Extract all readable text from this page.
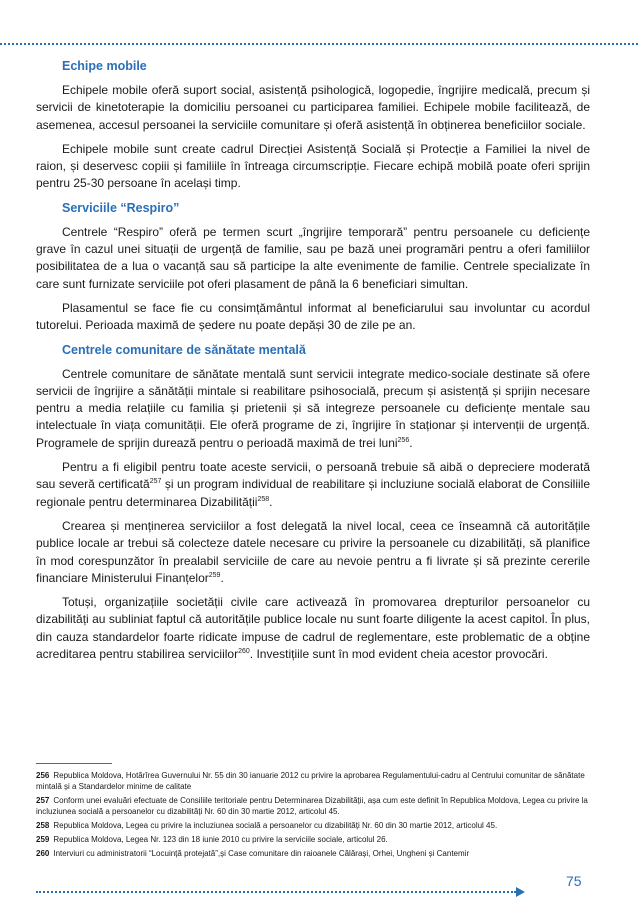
Echipe mobile

Echipele mobile oferă suport social, asistență psihologică, logopedie, îngrijire medicală, precum și servicii de kinetoterapie la domiciliu persoanei cu participarea familiei. Echipele mobile facilitează, de asemenea, accesul persoanei la serviciile comunitare și oferă asistență în obținerea beneficiilor sociale.

Echipele mobile sunt create cadrul Direcției Asistență Socială și Protecție a Familiei la nivel de raion, și deservesc copiii și familiile în întreaga circumscripție. Fiecare echipă mobilă poate oferi sprijin pentru 25-30 persoane în același timp.

Serviciile “Respiro”

Centrele “Respiro” oferă pe termen scurt „îngrijire temporară” pentru persoanele cu deficiențe grave în cazul unei situații de urgență de familie, sau pe bază unei programări pentru a oferi familiilor posibilitatea de a lua o vacanță sau să participe la alte evenimente de familie. Centrele specializate în care sunt furnizate serviciile pot oferi plasament de până la 6 beneficiari simultan.

Plasamentul se face fie cu consimțământul informat al beneficiarului sau involuntar cu acordul tutorelui. Perioada maximă de ședere nu poate depăși 30 de zile pe an.

Centrele comunitare de sănătate mentală

Centrele comunitare de sănătate mentală sunt servicii integrate medico-sociale destinate să ofere servicii de îngrijire a sănătății mintale si reabilitare psihosocială, precum și asistență și sprijin necesare pentru a media relațiile cu familia și prietenii și să integreze persoanele cu deficiențe mentale sau intelectuale în viața comunității. Ele oferă programe de zi, îngrijire în staționar și intervenții de urgență. Programele de sprijin durează pentru o perioadă maximă de trei luni$^{256}$.

Pentru a fi eligibil pentru toate aceste servicii, o persoană trebuie să aibă o depreciere moderată sau severă certificată$^{257}$ și un program individual de reabilitare și incluziune socială elaborat de Consiliile regionale pentru determinarea Dizabilității$^{258}$.

Crearea și menținerea serviciilor a fost delegată la nivel local, ceea ce înseamnă că autoritățile publice locale ar trebui să colecteze datele necesare cu privire la persoanele cu dizabilități, să planifice în mod corespunzător în prealabil serviciile de care au nevoie pentru a fi livrate și să prezinte cererile financiare Ministerului Finanțelor$^{259}$.

Totuși, organizațiile societății civile care activează în promovarea drepturilor persoanelor cu dizabilități au subliniat faptul că autoritățile publice locale nu sunt foarte diligente la acest capitol. În plus, din cauza standardelor foarte ridicate impuse de cadrul de reglementare, este problematic de a obține acreditarea pentru stabilirea serviciilor$^{260}$. Investițiile sunt în mod evident cheia acestor provocări.

256 Republica Moldova, Hotărîrea Guvernului Nr. 55 din 30 ianuarie 2012 cu privire la aprobarea Regulamentului-cadru al Centrului comunitar de sănătate mintală și a Standardelor minime de calitate
257 Conform unei evaluări efectuate de Consiliile teritoriale pentru Determinarea Dizabilității, așa cum este definit în Republica Moldova, Legea cu privire la incluziunea socială a persoanelor cu dizabilități Nr. 60 din 30 martie 2012, articolul 45.
258 Republica Moldova, Legea cu privire la incluziunea socială a persoanelor cu dizabilități Nr. 60 din 30 martie 2012, articolul 45.
259 Republica Moldova, Legea Nr. 123 din 18 iunie 2010 cu privire la serviciile sociale, articolul 26.
260 Interviuri cu administratorii “Locuință protejată”,și Case comunitare din raioanele Călărași, Orhei, Ungheni și Cantemir
75
